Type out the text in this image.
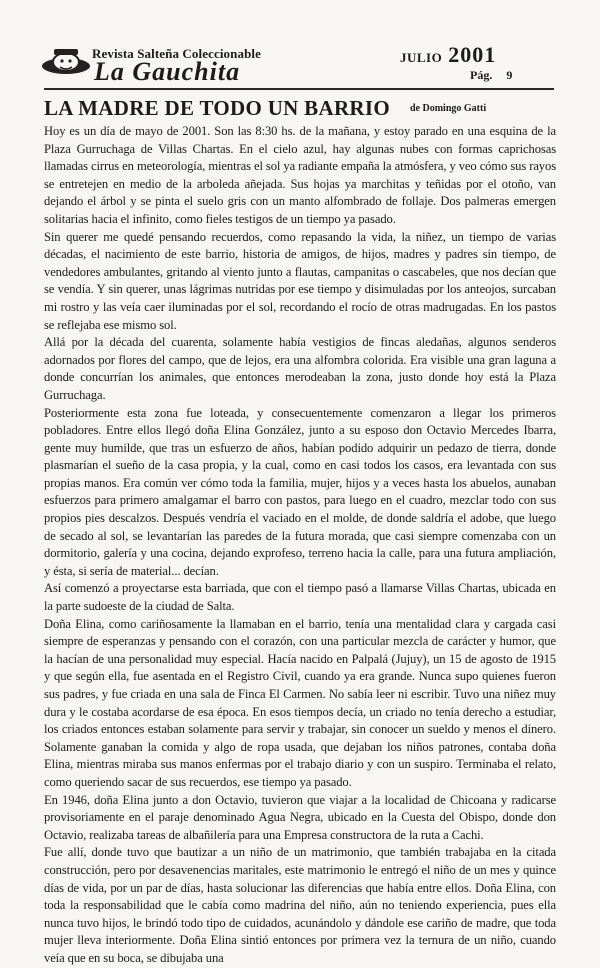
Revista Salteña Coleccionable
La Gauchita	JULIO 2001
Pág. 9
LA MADRE DE TODO UN BARRIO de Domingo Gatti

Hoy es un día de mayo de 2001. Son las 8:30 hs. de la mañana, y estoy parado en una esquina de la Plaza Gurruchaga de Villas Chartas. En el cielo azul, hay algunas nubes con formas caprichosas llamadas cirrus en meteorología, mientras el sol ya radiante empaña la atmósfera, y veo cómo sus rayos se entretejen en medio de la arboleda añejada. Sus hojas ya marchitas y teñidas por el otoño, van dejando el árbol y se pinta el suelo gris con un manto alfombrado de follaje. Dos palmeras emergen solitarias hacia el infinito, como fieles testigos de un tiempo ya pasado.

Sin querer me quedé pensando recuerdos, como repasando la vida, la niñez, un tiempo de varias décadas, el nacimiento de este barrio, historia de amigos, de hijos, madres y padres sin tiempo, de vendedores ambulantes, gritando al viento junto a flautas, campanitas o cascabeles, que nos decían que se vendía. Y sin querer, unas lágrimas nutridas por ese tiempo y disimuladas por los anteojos, surcaban mi rostro y las veía caer iluminadas por el sol, recordando el rocío de otras madrugadas. En los pastos se reflejaba ese mismo sol.

Allá por la década del cuarenta, solamente había vestigios de fincas aledañas, algunos senderos adornados por flores del campo, que de lejos, era una alfombra colorida. Era visible una gran laguna a donde concurrían los animales, que entonces merodeaban la zona, justo donde hoy está la Plaza Gurruchaga.

Posteriormente esta zona fue loteada, y consecuentemente comenzaron a llegar los primeros pobladores. Entre ellos llegó doña Elina González, junto a su esposo don Octavio Mercedes Ibarra, gente muy humilde, que tras un esfuerzo de años, habían podido adquirir un pedazo de tierra, donde plasmarían el sueño de la casa propia, y la cual, como en casi todos los casos, era levantada con sus propias manos. Era común ver cómo toda la familia, mujer, hijos y a veces hasta los abuelos, aunaban esfuerzos para primero amalgamar el barro con pastos, para luego en el cuadro, mezclar todo con sus propios pies descalzos. Después vendría el vaciado en el molde, de donde saldría el adobe, que luego de secado al sol, se levantarían las paredes de la futura morada, que casi siempre comenzaba con un dormitorio, galería y una cocina, dejando exprofeso, terreno hacia la calle, para una futura ampliación, y ésta, si sería de material... decían.

Así comenzó a proyectarse esta barriada, que con el tiempo pasó a llamarse Villas Chartas, ubicada en la parte sudoeste de la ciudad de Salta.

Doña Elina, como cariñosamente la llamaban en el barrio, tenía una mentalidad clara y cargada casi siempre de esperanzas y pensando con el corazón, con una particular mezcla de carácter y humor, que la hacían de una personalidad muy especial. Hacía nacido en Palpalá (Jujuy), un 15 de agosto de 1915 y que según ella, fue asentada en el Registro Civil, cuando ya era grande. Nunca supo quienes fueron sus padres, y fue criada en una sala de Finca El Carmen. No sabía leer ni escribir. Tuvo una niñez muy dura y le costaba acordarse de esa época. En esos tiempos decía, un criado no tenía derecho a estudiar, los criados entonces estaban solamente para servir y trabajar, sin conocer un sueldo y menos el dinero. Solamente ganaban la comida y algo de ropa usada, que dejaban los niños patrones, contaba doña Elina, mientras miraba sus manos enfermas por el trabajo diario y con un suspiro. Terminaba el relato, como queriendo sacar de sus recuerdos, ese tiempo ya pasado.

En 1946, doña Elina junto a don Octavio, tuvieron que viajar a la localidad de Chicoana y radicarse provisoriamente en el paraje denominado Agua Negra, ubicado en la Cuesta del Obispo, donde don Octavio, realizaba tareas de albañilería para una Empresa constructora de la ruta a Cachi.

Fue allí, donde tuvo que bautizar a un niño de un matrimonio, que también trabajaba en la citada construcción, pero por desavenencias maritales, este matrimonio le entregó el niño de un mes y quince días de vida, por un par de días, hasta solucionar las diferencias que había entre ellos. Doña Elina, con toda la responsabilidad que le cabía como madrina del niño, aún no teniendo experiencia, pues ella nunca tuvo hijos, le brindó todo tipo de cuidados, acunándolo y dándole ese cariño de madre, que toda mujer lleva interiormente. Doña Elina sintió entonces por primera vez la ternura de un niño, cuando veía que en su boca, se dibujaba una
